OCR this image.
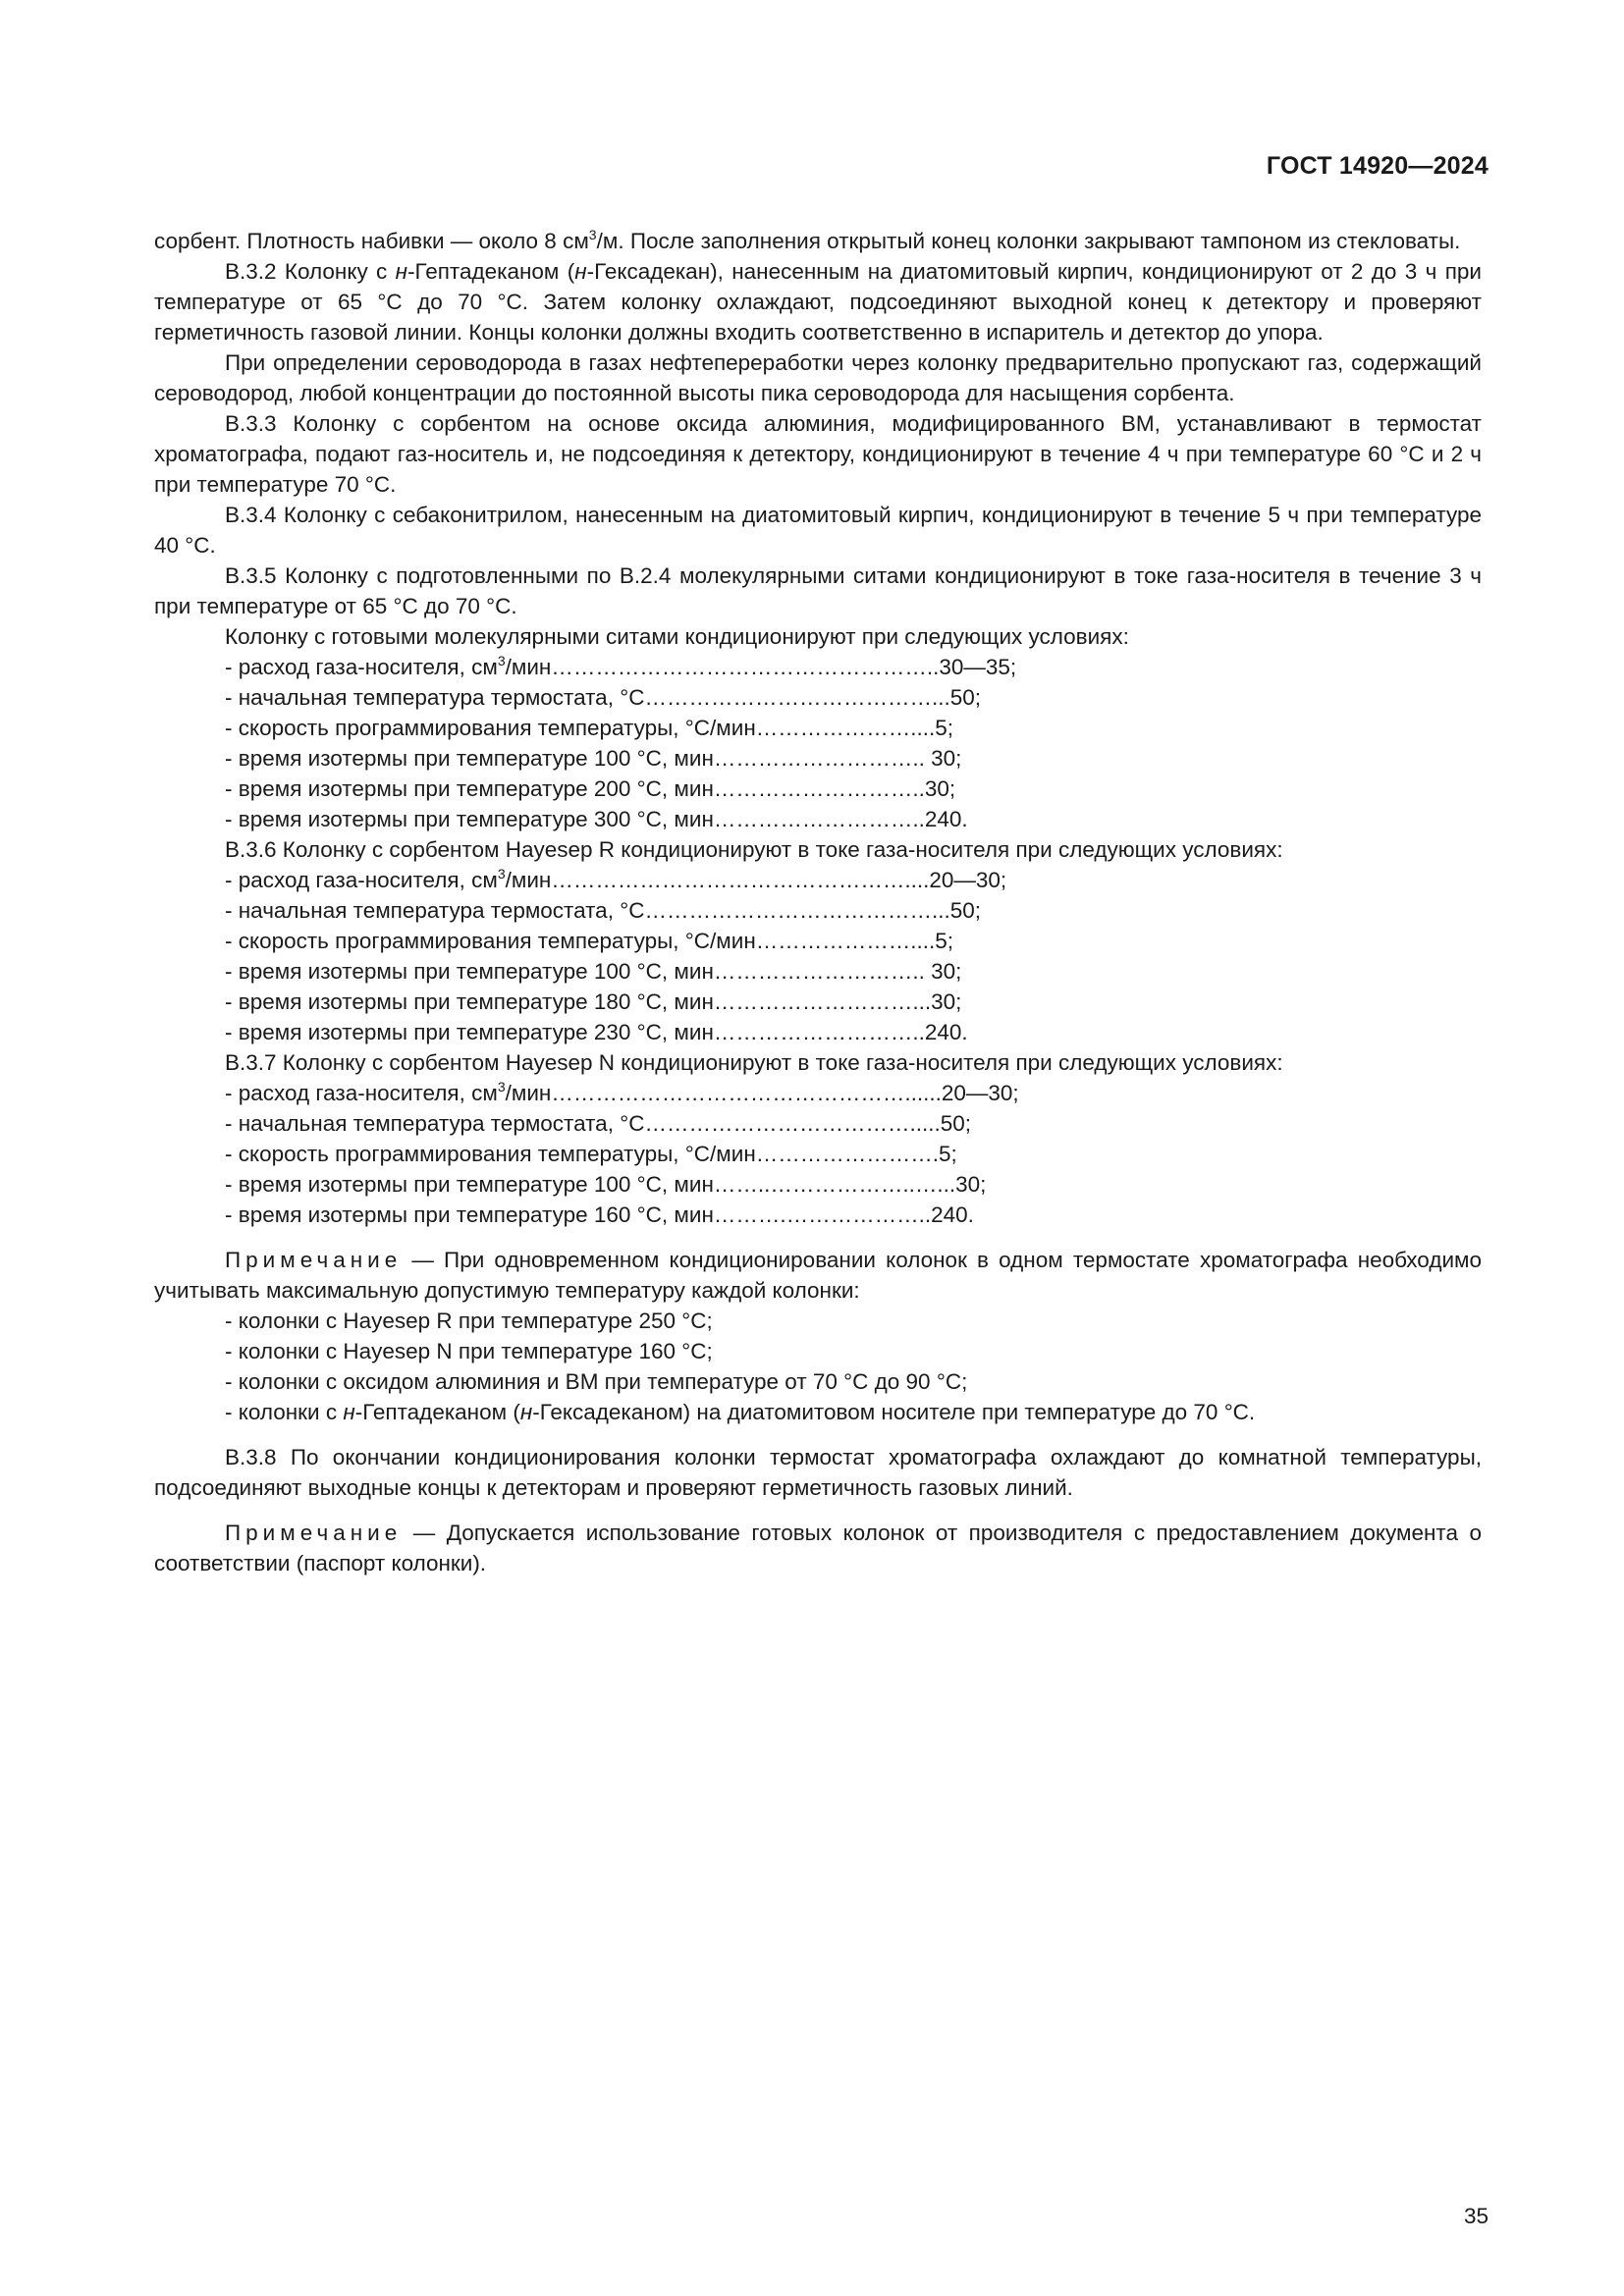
ГОСТ 14920—2024

сорбент. Плотность набивки — около 8 $см^3/м$. После заполнения открытый конец колонки закрывают тампоном из стекловаты.

В.3.2 Колонку с н-Гептадеканом (н-Гексадекан), нанесенным на диатомитовый кирпич, кондиционируют от 2 до 3 ч при температуре от 65 °С до 70 °С. Затем колонку охлаждают, подсоединяют выходной конец к детектору и проверяют герметичность газовой линии. Концы колонки должны входить соответственно в испаритель и детектор до упора.

При определении сероводорода в газах нефтепереработки через колонку предварительно пропускают газ, содержащий сероводород, любой концентрации до постоянной высоты пика сероводорода для насыщения сорбента.

В.3.3 Колонку с сорбентом на основе оксида алюминия, модифицированного ВМ, устанавливают в термостат хроматографа, подают газ-носитель и, не подсоединяя к детектору, кондиционируют в течение 4 ч при температуре 60 °С и 2 ч при температуре 70 °С.

В.3.4 Колонку с себаконитрилом, нанесенным на диатомитовый кирпич, кондиционируют в течение 5 ч при температуре 40 °С.

В.3.5 Колонку с подготовленными по В.2.4 молекулярными ситами кондиционируют в токе газа-носителя в течение 3 ч при температуре от 65 °С до 70 °С.

Колонку с готовыми молекулярными ситами кондиционируют при следующих условиях:

- расход газа-носителя, $см^3/мин\dots\dots\dots\dots\dots\dots\dots\dots\dots\dots\dots\dots\dots\dots\dots\dots\dots..30—35$;

- начальная температура термостата, °С…………………………………...50;

- скорость программирования температуры, °С/мин…………………....5;

- время изотермы при температуре 100 °С, мин……………………….. 30;

- время изотермы при температуре 200 °С, мин………………………..30;

- время изотермы при температуре 300 °С, мин………………………..240.

В.3.6 Колонку с сорбентом Hayesep R кондиционируют в токе газа-носителя при следующих условиях:

- расход газа-носителя, $см^3/мин\dots\dots\dots\dots\dots\dots\dots\dots\dots\dots\dots\dots\dots\dots\dots\dots....20—30$;

- начальная температура термостата, °С…………………………………...50;

- скорость программирования температуры, °С/мин…………………....5;

- время изотермы при температуре 100 °С, мин……………………….. 30;

- время изотермы при температуре 180 °С, мин………………………...30;

- время изотермы при температуре 230 °С, мин………………………..240.

В.3.7 Колонку с сорбентом Hayesep N кондиционируют в токе газа-носителя при следующих условиях:

- расход газа-носителя, $см^3/мин\dots\dots\dots\dots\dots\dots\dots\dots\dots\dots\dots\dots\dots\dots\dots\dots......20—30$;

- начальная температура термостата, °С……………………………….....50;

- скорость программирования температуры, °С/мин…………………….5;

- время изотермы при температуре 100 °С, мин……..………………..…...30;

- время изотермы при температуре 160 °С, мин……….………………..240.

Примечание — При одновременном кондиционировании колонок в одном термостате хроматографа необходимо учитывать максимальную допустимую температуру каждой колонки:

- колонки с Hayesep R при температуре 250 °С;

- колонки с Hayesep N при температуре 160 °С;

- колонки с оксидом алюминия и ВМ при температуре от 70 °С до 90 °С;

- колонки с н-Гептадеканом (н-Гексадеканом) на диатомитовом носителе при температуре до 70 °С.

В.3.8 По окончании кондиционирования колонки термостат хроматографа охлаждают до комнатной температуры, подсоединяют выходные концы к детекторам и проверяют герметичность газовых линий.

Примечание — Допускается использование готовых колонок от производителя с предоставлением документа о соответствии (паспорт колонки).

35
